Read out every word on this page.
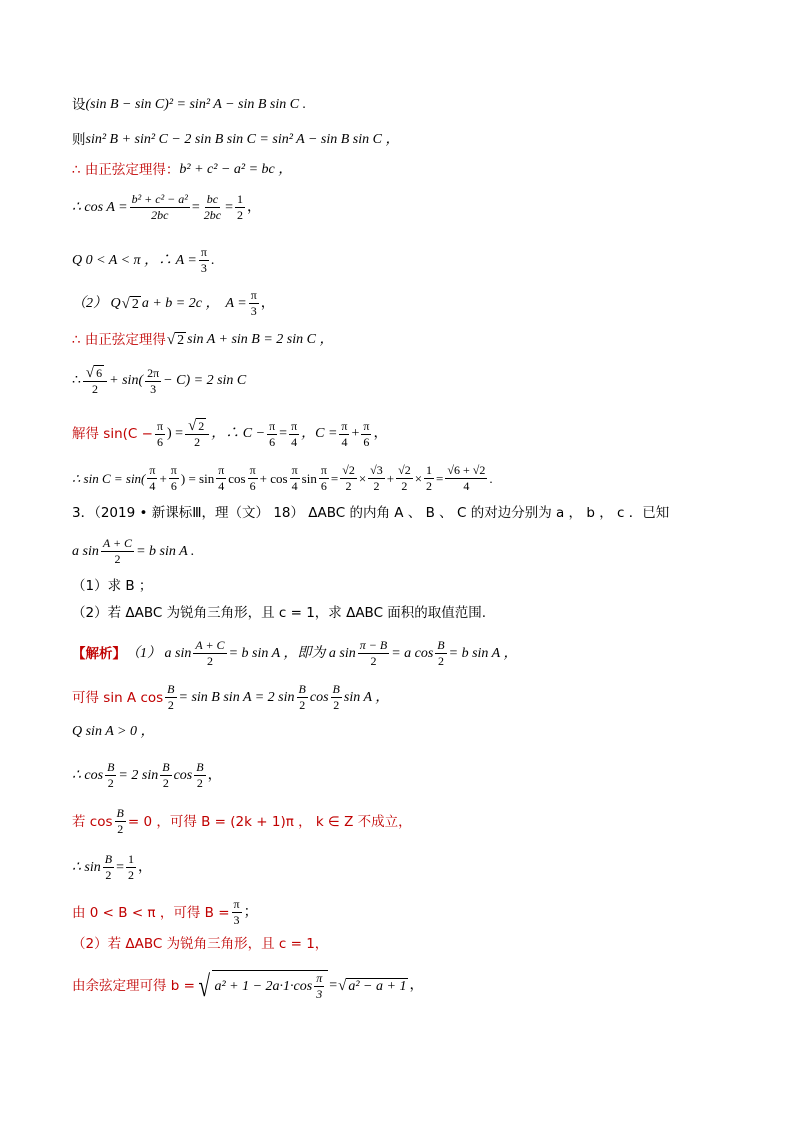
设 (sin B − sin C)² = sin² A − sin B sin C .
则 sin² B + sin² C − 2 sin B sin C = sin² A − sin B sin C ，
∴ 由正弦定理得： b² + c² − a² = bc ，
∴ $\cos A = \frac{\text{b² + c² − a²}}{2bc} = \frac{bc}{2bc} = \frac{1}{2}$ ，
Q 0 < A < π ，∴ $A = \frac{\pi}{3}$ .
（2） Q √ 2 a + b = 2c ， $A = \frac{\pi}{3}$ ，
∴ 由正弦定理得 √ 2 sin A + sin B = 2 sin C ，
∴ $\frac{√ 6}{2} + \sin( \frac{2\pi}{3} - C) = 2$ sin C
解得 $\sin(C - \frac{\pi}{6}$ ) = $\frac{√ 2}{2}$ ，∴ $C - \frac{\pi}{6} = \frac{\pi}{4}$ ，$C = \frac{\pi}{4} + \frac{\pi}{6}$ ，
∴ $\sin C = \sin( \frac{\pi}{4} + \frac{\pi}{6}$ ) = $\sin \frac{\pi}{4}$ $\cos \frac{\pi}{6} + \cos \frac{\pi}{4}$ $\sin \frac{\pi}{6} = \frac{√2}{2} \times \frac{√3}{2} + \frac{√2}{2} \times \frac{1}{2} = \frac{√6 + √2}{4}$ .
3．（2019 • 新课标Ⅲ，理（文） 18） ΔABC 的内角 A 、 B 、 C 的对边分别为 a ， b ， c ．已知
a $\sin \frac{A + C}{2} = b$ sin A .
（1）求 B ；
（2）若 ΔABC 为锐角三角形，且 c = 1，求 ΔABC 面积的取值范围.
【解析】 （1） a $\sin \frac{A + C}{2} = b$ sin A ，即为 a $\sin \frac{\pi - B}{2} = a$ $\cos \frac{B}{2} = b$ sin A ，
可得 sin A $\cos \frac{B}{2} = \sin B$ sin A = 2 $\sin \frac{B}{2}$ $\cos \frac{B}{2}$ sin A ，
Q sin A > 0 ，
∴ $\cos \frac{B}{2} = 2$ $\sin \frac{B}{2}$ $\cos \frac{B}{2}$ ，
若 $\cos \frac{B}{2} = 0$ ，可得 B = (2k + 1)π ， k ∈ Z 不成立，
∴ $\sin \frac{B}{2} = \frac{1}{2}$ ，
由 0 < B < π ，可得 $B = \frac{\pi}{3}$ ；
（2）若 ΔABC 为锐角三角形，且 c = 1，
由余弦定理可得 b = √ $a^2 + 1 - 2a\cdot 1\cdot\cos \frac{\pi}{3}$ = √ a² − a + 1 ，
